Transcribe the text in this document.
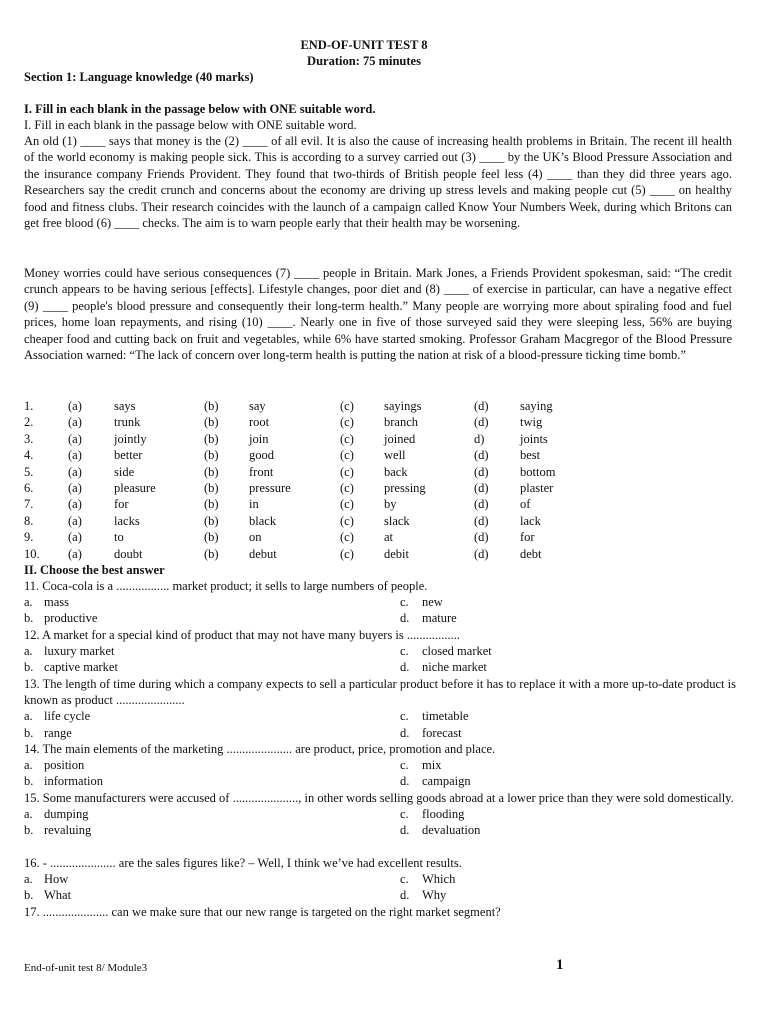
END-OF-UNIT TEST 8
Duration: 75 minutes
Section 1: Language knowledge (40 marks)
I. Fill in each blank in the passage below with ONE suitable word.
I. Fill in each blank in the passage below with ONE suitable word.

An old (1) ____ says that money is the (2) ____ of all evil. It is also the cause of increasing health problems in Britain. The recent ill health of the world economy is making people sick. This is according to a survey carried out (3) ____ by the UK’s Blood Pressure Association and the insurance company Friends Provident. They found that two-thirds of British people feel less (4) ____ than they did three years ago. Researchers say the credit crunch and concerns about the economy are driving up stress levels and making people cut (5) ____ on healthy food and fitness clubs. Their research coincides with the launch of a campaign called Know Your Numbers Week, during which Britons can get free blood (6) ____ checks. The aim is to warn people early that their health may be worsening.

Money worries could have serious consequences (7) ____ people in Britain. Mark Jones, a Friends Provident spokesman, said: “The credit crunch appears to be having serious [effects]. Lifestyle changes, poor diet and (8) ____ of exercise in particular, can have a negative effect (9) ____ people's blood pressure and consequently their long-term health.” Many people are worrying more about spiraling food and fuel prices, home loan repayments, and rising (10) ____. Nearly one in five of those surveyed said they were sleeping less, 56% are buying cheaper food and cutting back on fruit and vegetables, while 6% have started smoking. Professor Graham Macgregor of the Blood Pressure Association warned: “The lack of concern over long-term health is putting the nation at risk of a blood-pressure ticking time bomb.”

1.	(a)	says	(b) say	(c) sayings	(d)	saying
2.	(a)	trunk	(b) root	(c) branch	(d)	twig
3.	(a)	jointly	(b) join	(c) joined	d)	joints
4.	(a)	better	(b) good	(c) well	(d)	best
5.	(a)	side	(b) front	(c) back	(d)	bottom
6.	(a)	pleasure	(b) pressure	(c) pressing	(d)	plaster
7.	(a)	for	(b) in	(c) by	(d)	of
8.	(a)	lacks	(b) black	(c) slack	(d)	lack
9.	(a)	to	(b) on	(c) at	(d)	for
10. (a)	doubt	(b) debut	(c) debit	(d)	debt
II. Choose the best answer
11. Coca-cola is a ................. market product; it sells to large numbers of people.
a. mass	c. new
b. productive	d. mature
12. A market for a special kind of product that may not have many buyers is .................
a. luxury market	c. closed market
b. captive market	d. niche market
13. The length of time during which a company expects to sell a particular product before it has to replace it with a more up-to-date product is known as product ......................
a. life cycle	c. timetable
b. range	d. forecast
14. The main elements of the marketing ..................... are product, price, promotion and place.
a. position	c. mix
b. information	d. campaign
15. Some manufacturers were accused of ....................., in other words selling goods abroad at a lower price than they were sold domestically.
a. dumping	c. flooding
b. revaluing	d. devaluation
16. - ..................... are the sales figures like? – Well, I think we’ve had excellent results.
a. How	c. Which
b. What	d. Why
17. ..................... can we make sure that our new range is targeted on the right market segment?
End-of-unit test 8/ Module3	1
